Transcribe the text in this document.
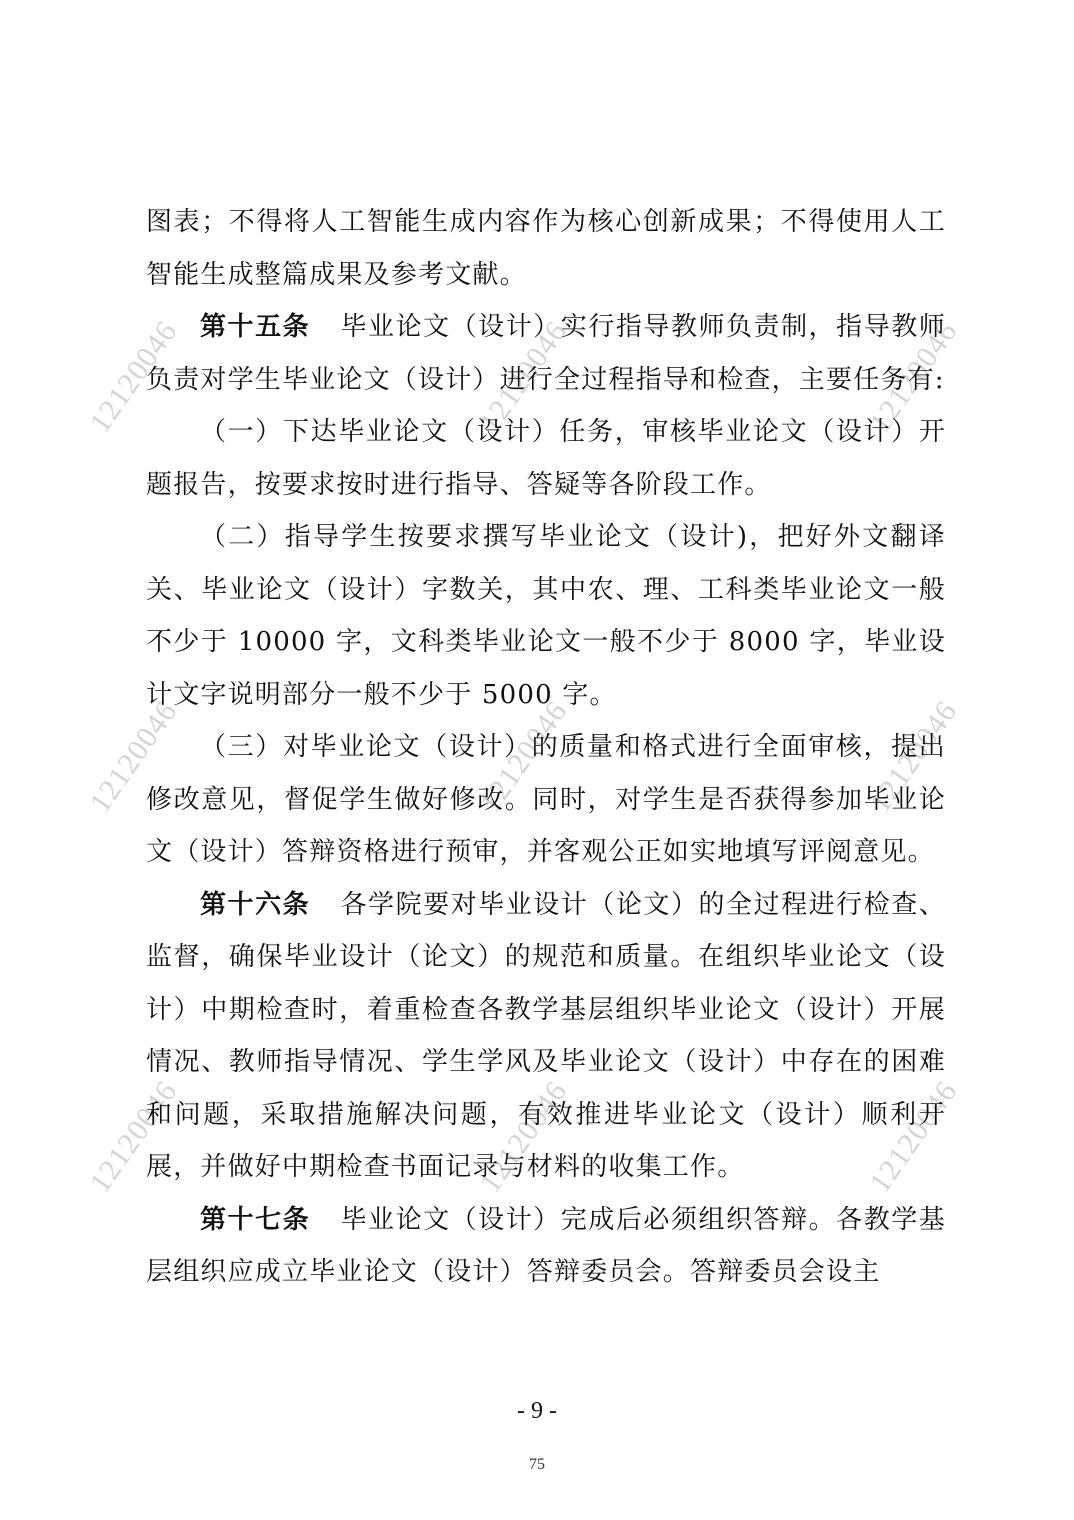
12120046	12120046	12120046
12120046	12120046	12120046
12120046	12120046	12120046

图表；不得将人工智能生成内容作为核心创新成果；不得使用人工智能生成整篇成果及参考文献。

第十五条 毕业论文（设计）实行指导教师负责制，指导教师负责对学生毕业论文（设计）进行全过程指导和检查，主要任务有:

（一）下达毕业论文（设计）任务，审核毕业论文（设计）开题报告，按要求按时进行指导、答疑等各阶段工作。

（二）指导学生按要求撰写毕业论文（设计)，把好外文翻译关、毕业论文（设计）字数关，其中农、理、工科类毕业论文一般不少于 10000 字，文科类毕业论文一般不少于 8000 字，毕业设计文字说明部分一般不少于 5000 字。

（三）对毕业论文（设计）的质量和格式进行全面审核，提出修改意见，督促学生做好修改。同时，对学生是否获得参加毕业论文（设计）答辩资格进行预审，并客观公正如实地填写评阅意见。

第十六条 各学院要对毕业设计（论文）的全过程进行检查、监督，确保毕业设计（论文）的规范和质量。在组织毕业论文（设计）中期检查时，着重检查各教学基层组织毕业论文（设计）开展情况、教师指导情况、学生学风及毕业论文（设计）中存在的困难和问题，采取措施解决问题，有效推进毕业论文（设计）顺利开展，并做好中期检查书面记录与材料的收集工作。

第十七条 毕业论文（设计）完成后必须组织答辩。各教学基层组织应成立毕业论文（设计）答辩委员会。答辩委员会设主

- 9 -
75
